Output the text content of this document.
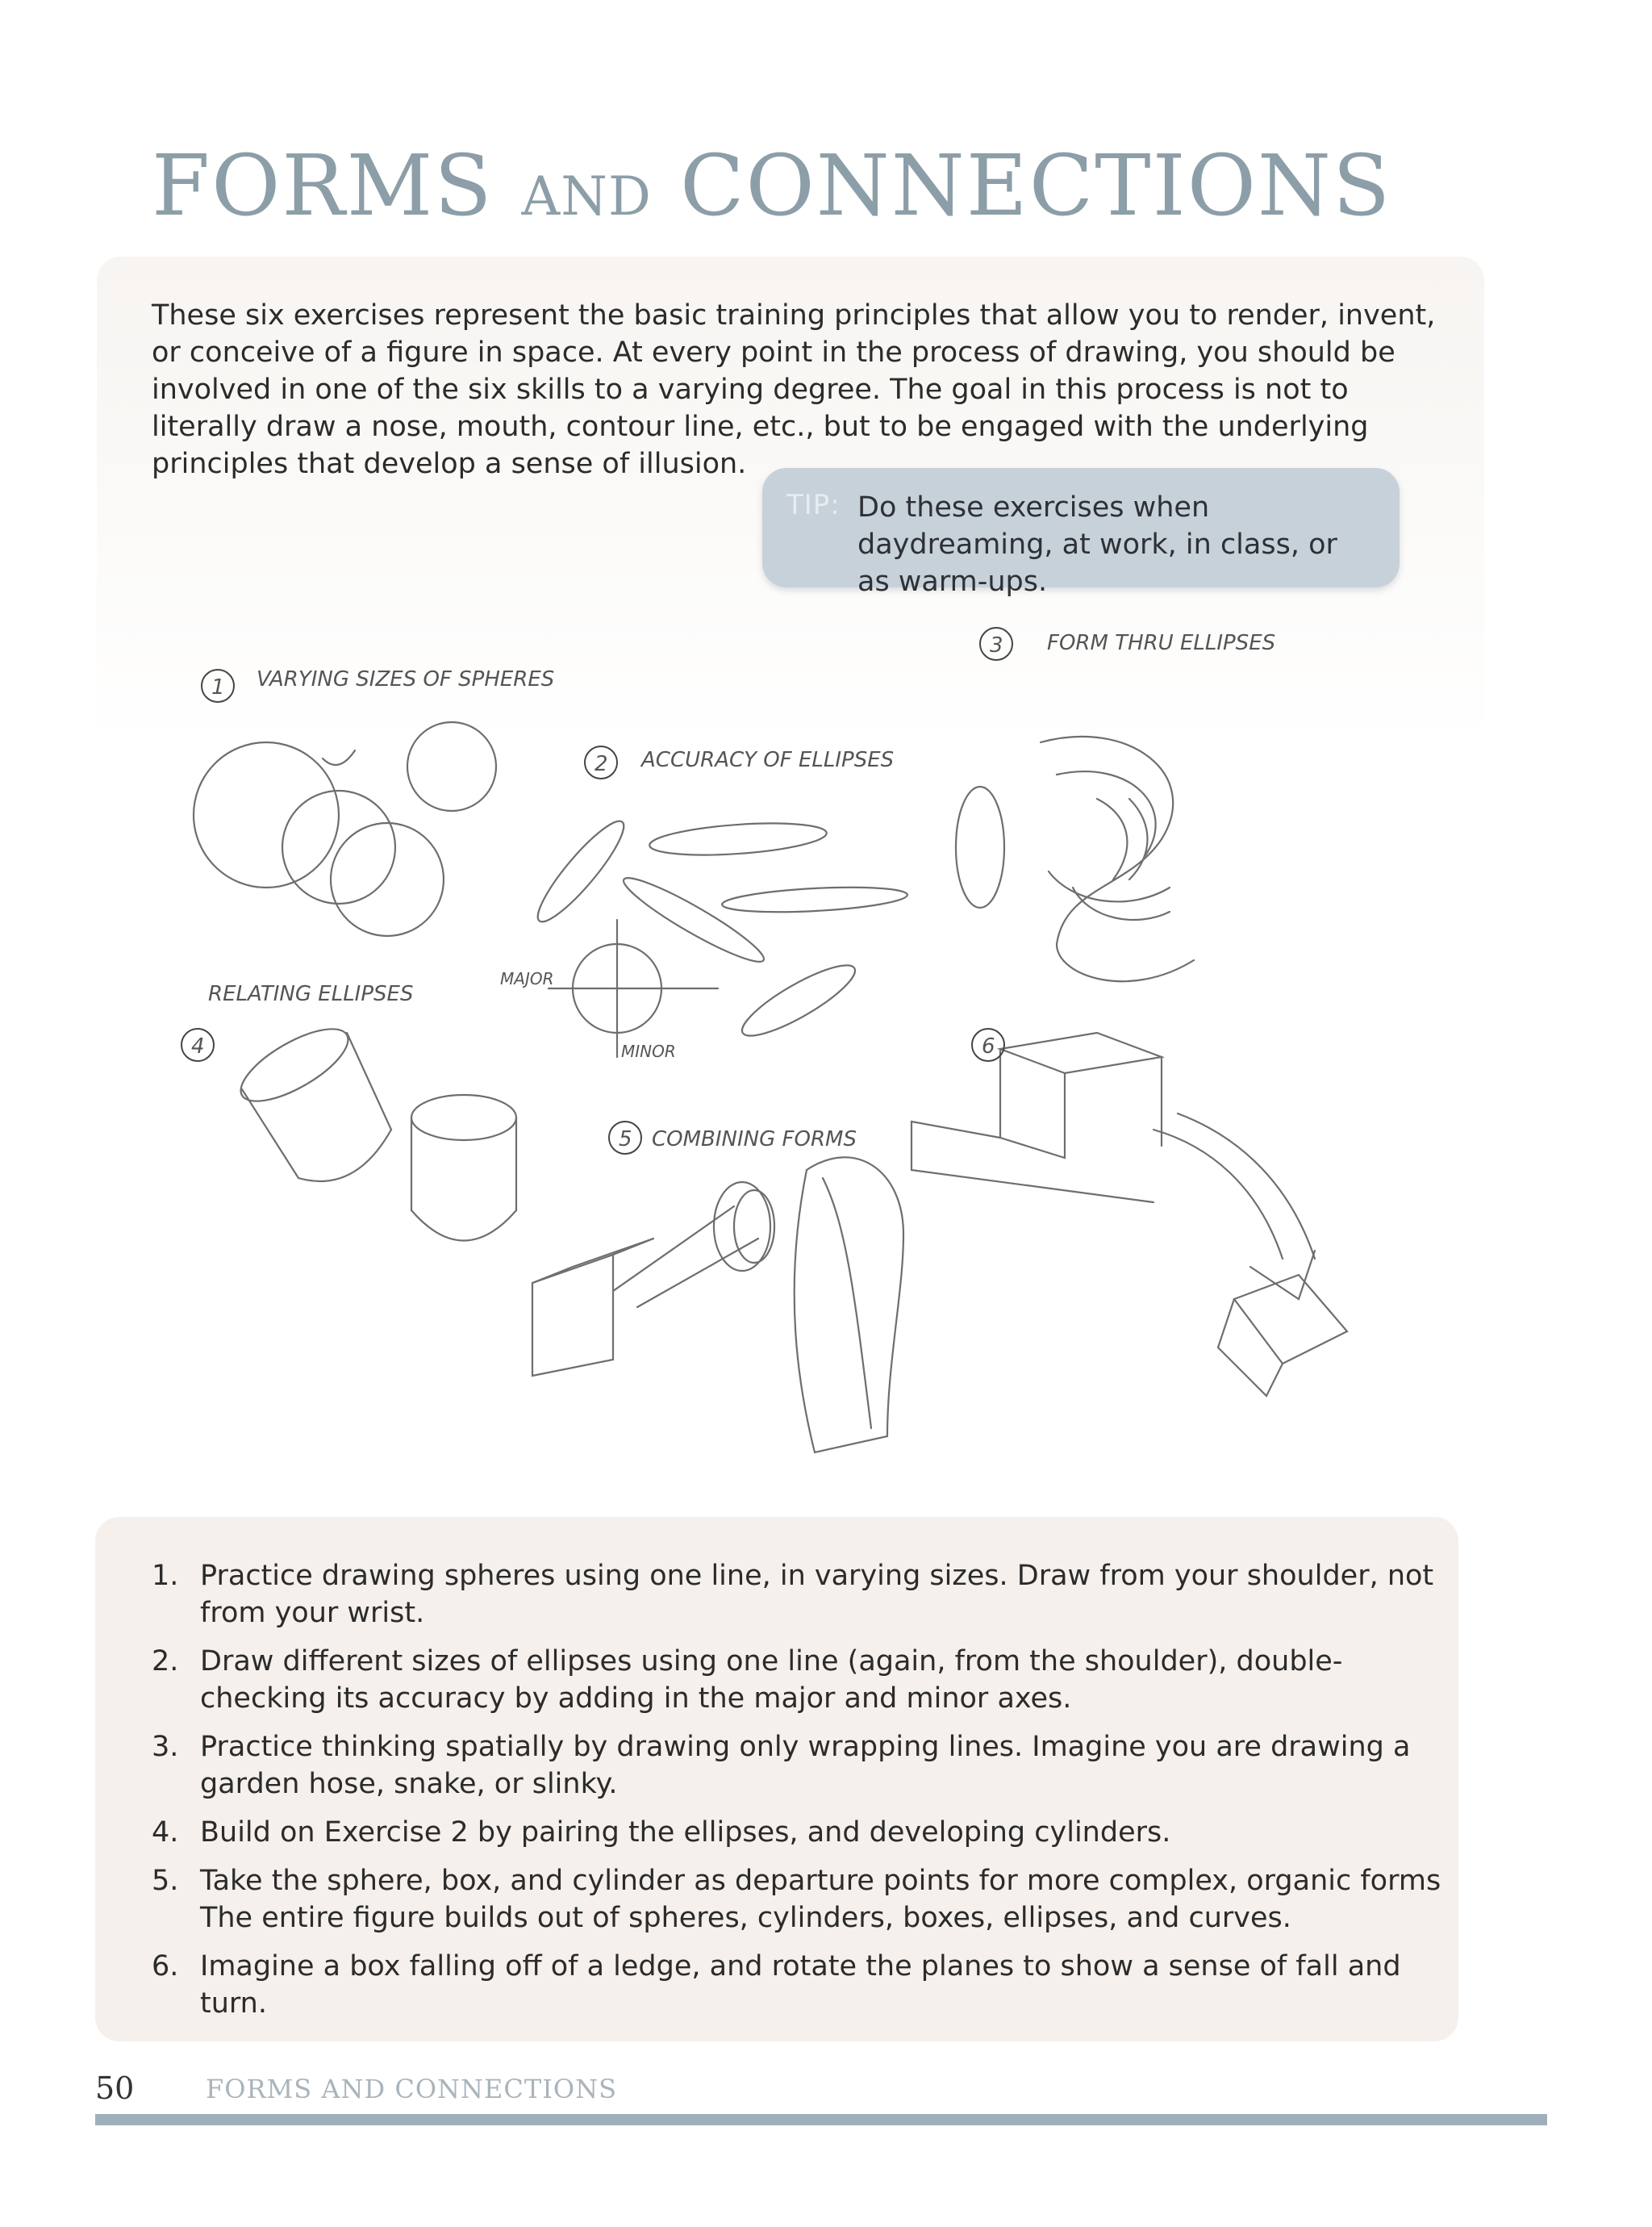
FORMS AND CONNECTIONS
These six exercises represent the basic training principles that allow you to render, invent, or conceive of a figure in space. At every point in the process of drawing, you should be involved in one of the six skills to a varying degree. The goal in this process is not to literally draw a nose, mouth, contour line, etc., but to be engaged with the underlying principles that develop a sense of illusion.
TIP: Do these exercises when daydreaming, at work, in class, or as warm-ups.
1 VARYING SIZES OF SPHERES
2 ACCURACY OF ELLIPSES
3 FORM THRU ELLIPSES
RELATING ELLIPSES
4
5 COMBINING FORMS
6
MAJOR
MINOR
1. Practice drawing spheres using one line, in varying sizes. Draw from your shoulder, not from your wrist.
2. Draw different sizes of ellipses using one line (again, from the shoulder), double-checking its accuracy by adding in the major and minor axes.
3. Practice thinking spatially by drawing only wrapping lines. Imagine you are drawing a garden hose, snake, or slinky.
4. Build on Exercise 2 by pairing the ellipses, and developing cylinders.
5. Take the sphere, box, and cylinder as departure points for more complex, organic forms The entire figure builds out of spheres, cylinders, boxes, ellipses, and curves.
6. Imagine a box falling off of a ledge, and rotate the planes to show a sense of fall and turn.
50	FORMS AND CONNECTIONS
